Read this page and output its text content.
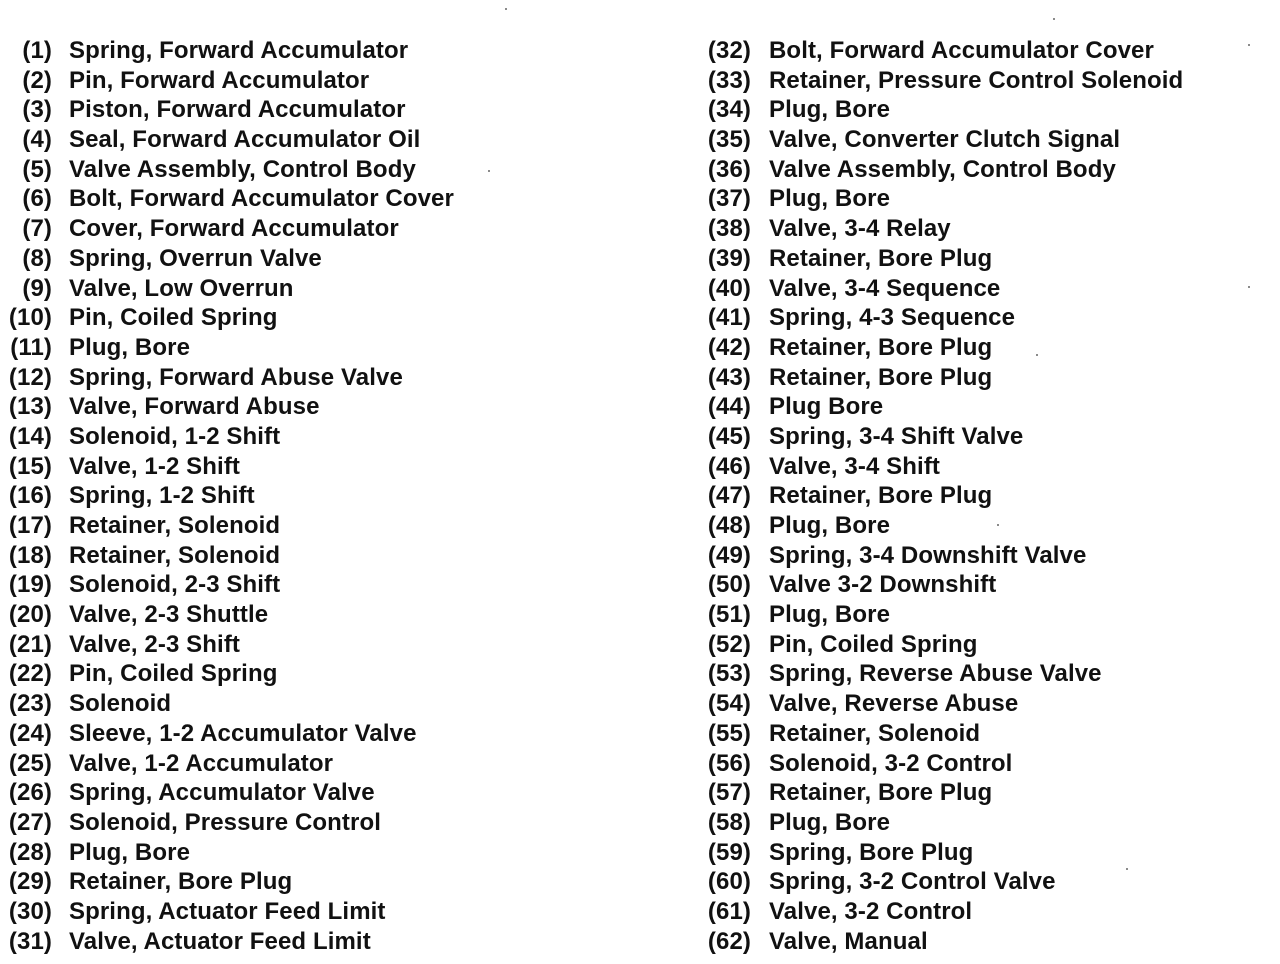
(1) Spring, Forward Accumulator
(2) Pin, Forward Accumulator
(3) Piston, Forward Accumulator
(4) Seal, Forward Accumulator Oil
(5) Valve Assembly, Control Body
(6) Bolt, Forward Accumulator Cover
(7) Cover, Forward Accumulator
(8) Spring, Overrun Valve
(9) Valve, Low Overrun
(10) Pin, Coiled Spring
(11) Plug, Bore
(12) Spring, Forward Abuse Valve
(13) Valve, Forward Abuse
(14) Solenoid, 1-2 Shift
(15) Valve, 1-2 Shift
(16) Spring, 1-2 Shift
(17) Retainer, Solenoid
(18) Retainer, Solenoid
(19) Solenoid, 2-3 Shift
(20) Valve, 2-3 Shuttle
(21) Valve, 2-3 Shift
(22) Pin, Coiled Spring
(23) Solenoid
(24) Sleeve, 1-2 Accumulator Valve
(25) Valve, 1-2 Accumulator
(26) Spring, Accumulator Valve
(27) Solenoid, Pressure Control
(28) Plug, Bore
(29) Retainer, Bore Plug
(30) Spring, Actuator Feed Limit
(31) Valve, Actuator Feed Limit
(32) Bolt, Forward Accumulator Cover
(33) Retainer, Pressure Control Solenoid
(34) Plug, Bore
(35) Valve, Converter Clutch Signal
(36) Valve Assembly, Control Body
(37) Plug, Bore
(38) Valve, 3-4 Relay
(39) Retainer, Bore Plug
(40) Valve, 3-4 Sequence
(41) Spring, 4-3 Sequence
(42) Retainer, Bore Plug
(43) Retainer, Bore Plug
(44) Plug Bore
(45) Spring, 3-4 Shift Valve
(46) Valve, 3-4 Shift
(47) Retainer, Bore Plug
(48) Plug, Bore
(49) Spring, 3-4 Downshift Valve
(50) Valve 3-2 Downshift
(51) Plug, Bore
(52) Pin, Coiled Spring
(53) Spring, Reverse Abuse Valve
(54) Valve, Reverse Abuse
(55) Retainer, Solenoid
(56) Solenoid, 3-2 Control
(57) Retainer, Bore Plug
(58) Plug, Bore
(59) Spring, Bore Plug
(60) Spring, 3-2 Control Valve
(61) Valve, 3-2 Control
(62) Valve, Manual
